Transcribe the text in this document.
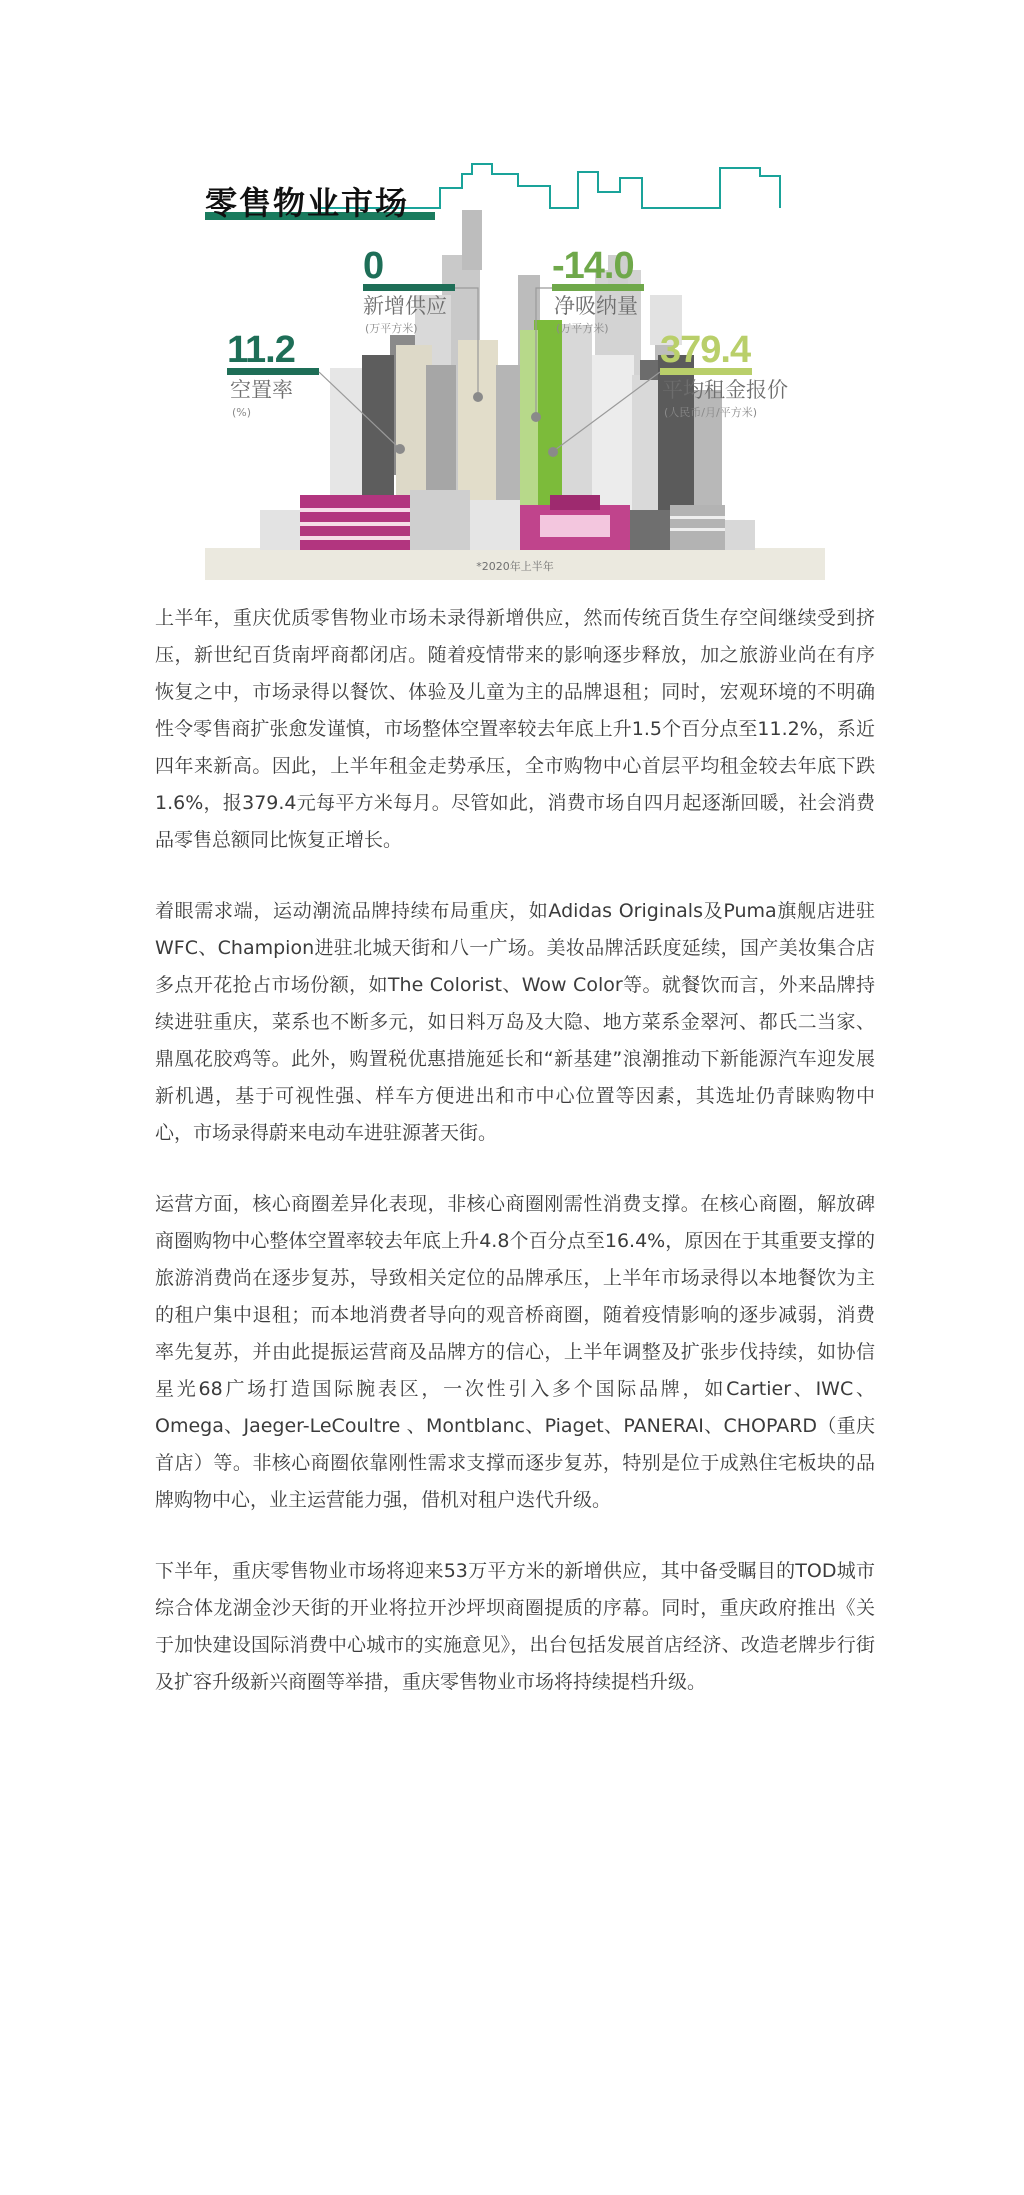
零售物业市场
0
新增供应
(万平方米)
-14.0
净吸纳量
(万平方米)
11.2
空置率
(%)
379.4
平均租金报价
(人民币/月/平方米)
*2020年上半年

上半年，重庆优质零售物业市场未录得新增供应，然而传统百货生存空间继续受到挤压，新世纪百货南坪商都闭店。随着疫情带来的影响逐步释放，加之旅游业尚在有序恢复之中，市场录得以餐饮、体验及儿童为主的品牌退租；同时，宏观环境的不明确性令零售商扩张愈发谨慎，市场整体空置率较去年底上升1.5个百分点至11.2%，系近四年来新高。因此，上半年租金走势承压，全市购物中心首层平均租金较去年底下跌1.6%，报379.4元每平方米每月。尽管如此，消费市场自四月起逐渐回暖，社会消费品零售总额同比恢复正增长。

着眼需求端，运动潮流品牌持续布局重庆，如Adidas Originals及Puma旗舰店进驻WFC、Champion进驻北城天街和八一广场。美妆品牌活跃度延续，国产美妆集合店多点开花抢占市场份额，如The Colorist、Wow Color等。就餐饮而言，外来品牌持续进驻重庆，菜系也不断多元，如日料万岛及大隐、地方菜系金翠河、都氏二当家、鼎凰花胶鸡等。此外，购置税优惠措施延长和“新基建”浪潮推动下新能源汽车迎发展新机遇，基于可视性强、样车方便进出和市中心位置等因素，其选址仍青睐购物中心，市场录得蔚来电动车进驻源著天街。

运营方面，核心商圈差异化表现，非核心商圈刚需性消费支撑。在核心商圈，解放碑商圈购物中心整体空置率较去年底上升4.8个百分点至16.4%，原因在于其重要支撑的旅游消费尚在逐步复苏，导致相关定位的品牌承压，上半年市场录得以本地餐饮为主的租户集中退租；而本地消费者导向的观音桥商圈，随着疫情影响的逐步减弱，消费率先复苏，并由此提振运营商及品牌方的信心，上半年调整及扩张步伐持续，如协信星光68广场打造国际腕表区，一次性引入多个国际品牌，如Cartier、IWC、Omega、Jaeger-LeCoultre 、Montblanc、Piaget、PANERAI、CHOPARD（重庆首店）等。非核心商圈依靠刚性需求支撑而逐步复苏，特别是位于成熟住宅板块的品牌购物中心，业主运营能力强，借机对租户迭代升级。

下半年，重庆零售物业市场将迎来53万平方米的新增供应，其中备受瞩目的TOD城市综合体龙湖金沙天街的开业将拉开沙坪坝商圈提质的序幕。同时，重庆政府推出《关于加快建设国际消费中心城市的实施意见》，出台包括发展首店经济、改造老牌步行街及扩容升级新兴商圈等举措，重庆零售物业市场将持续提档升级。
